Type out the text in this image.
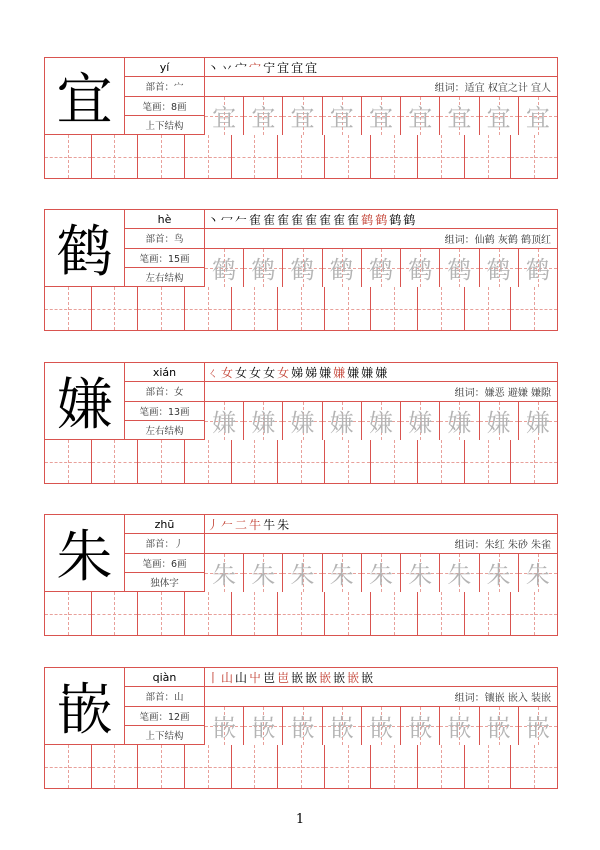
宜
yí
部首：宀
笔画：8画
上下结构
丶 丷 宀 宀 宁 宜 宜 宜
组词：适宜 权宜之计 宜人
宜 宜 宜 宜 宜 宜 宜 宜 宜
鹤
hè
部首：鸟
笔画：15画
左右结构
丶 冖 𠂉 隺 隺 隺 隺 隺 隺 隺 隺 鹤 鹤 鹤 鹤
组词：仙鹤 灰鹤 鹤顶红
鹤 鹤 鹤 鹤 鹤 鹤 鹤 鹤 鹤
嫌
xián
部首：女
笔画：13画
左右结构
ㄑ 女 女 女 女 女 娣 娣 嫌 嫌 嫌 嫌 嫌
组词：嫌恶 避嫌 嫌隙
嫌 嫌 嫌 嫌 嫌 嫌 嫌 嫌 嫌
朱
zhū
部首：丿
笔画：6画
独体字
丿 𠂉 二 牛 牛 朱
组词：朱红 朱砂 朱雀
朱 朱 朱 朱 朱 朱 朱 朱 朱
嵌
qiàn
部首：山
笔画：12画
上下结构
丨 山 山 屮 岜 岜 嵌 嵌 嵌 嵌 嵌 嵌
组词：镶嵌 嵌入 装嵌
嵌 嵌 嵌 嵌 嵌 嵌 嵌 嵌 嵌
1
